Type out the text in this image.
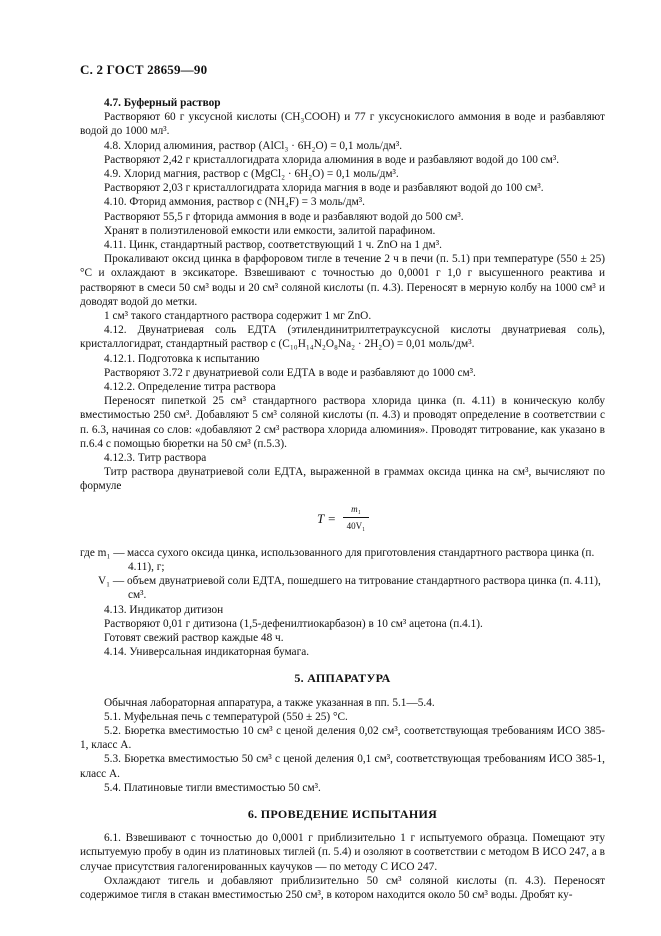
С. 2 ГОСТ 28659—90

4.7. Буферный раствор

Растворяют 60 г уксусной кислоты (CH₃COOH) и 77 г уксуснокислого аммония в воде и разбавляют водой до 1000 мл³.

4.8. Хлорид алюминия, раствор (AlCl₃ · 6H₂O) = 0,1 моль/дм³.

Растворяют 2,42 г кристаллогидрата хлорида алюминия в воде и разбавляют водой до 100 см³.

4.9. Хлорид магния, раствор c (MgCl₂ · 6H₂O) = 0,1 моль/дм³.

Растворяют 2,03 г кристаллогидрата хлорида магния в воде и разбавляют водой до 100 см³.

4.10. Фторид аммония, раствор c (NH₄F) = 3 моль/дм³.

Растворяют 55,5 г фторида аммония в воде и разбавляют водой до 500 см³.

Хранят в полиэтиленовой емкости или емкости, залитой парафином.

4.11. Цинк, стандартный раствор, соответствующий 1 ч. ZnO на 1 дм³.

Прокаливают оксид цинка в фарфоровом тигле в течение 2 ч в печи (п. 5.1) при температуре (550 ± 25) °С и охлаждают в эксикаторе. Взвешивают с точностью до 0,0001 г 1,0 г высушенного реактива и растворяют в смеси 50 см³ воды и 20 см³ соляной кислоты (п. 4.3). Переносят в мерную колбу на 1000 см³ и доводят водой до метки.

1 см³ такого стандартного раствора содержит 1 мг ZnO.

4.12. Двунатриевая соль ЕДТА (этилендинитрилтетрауксусной кислоты двунатриевая соль), кристаллогидрат, стандартный раствор c (C₁₀H₁₄N₂O₈Na₂ · 2H₂O) = 0,01 моль/дм³.

4.12.1. Подготовка к испытанию

Растворяют 3.72 г двунатриевой соли ЕДТА в воде и разбавляют до 1000 см³.

4.12.2. Определение титра раствора

Переносят пипеткой 25 см³ стандартного раствора хлорида цинка (п. 4.11) в коническую колбу вместимостью 250 см³. Добавляют 5 см³ соляной кислоты (п. 4.3) и проводят определение в соответствии с п. 6.3, начиная со слов: «добавляют 2 см³ раствора хлорида алюминия». Проводят титрование, как указано в п.6.4 с помощью бюретки на 50 см³ (п.5.3).

4.12.3. Титр раствора

Титр раствора двунатриевой соли ЕДТА, выраженной в граммах оксида цинка на см³, вычисляют по формуле

$T = \frac{\text{m₁}}{\text{40V₁}}$
где m₁ — масса сухого оксида цинка, использованного для приготовления стандартного раствора цинка (п. 4.11), г;
V₁ — объем двунатриевой соли ЕДТА, пошедшего на титрование стандартного раствора цинка (п. 4.11), см³.

4.13. Индикатор дитизон

Растворяют 0,01 г дитизона (1,5-дефенилтиокарбазон) в 10 см³ ацетона (п.4.1).

Готовят свежий раствор каждые 48 ч.

4.14. Универсальная индикаторная бумага.

5. АППАРАТУРА

Обычная лабораторная аппаратура, а также указанная в пп. 5.1—5.4.

5.1. Муфельная печь с температурой (550 ± 25) °С.

5.2. Бюретка вместимостью 10 см³ с ценой деления 0,02 см³, соответствующая требованиям ИСО 385-1, класс А.

5.3. Бюретка вместимостью 50 см³ с ценой деления 0,1 см³, соответствующая требованиям ИСО 385-1, класс А.

5.4. Платиновые тигли вместимостью 50 см³.

6. ПРОВЕДЕНИЕ ИСПЫТАНИЯ

6.1. Взвешивают с точностью до 0,0001 г приблизительно 1 г испытуемого образца. Помещают эту испытуемую пробу в один из платиновых тиглей (п. 5.4) и озоляют в соответствии с методом В ИСО 247, а в случае присутствия галогенированных каучуков — по методу С ИСО 247.

Охлаждают тигель и добавляют приблизительно 50 см³ соляной кислоты (п. 4.3). Переносят содержимое тигля в стакан вместимостью 250 см³, в котором находится около 50 см³ воды. Дробят ку-
